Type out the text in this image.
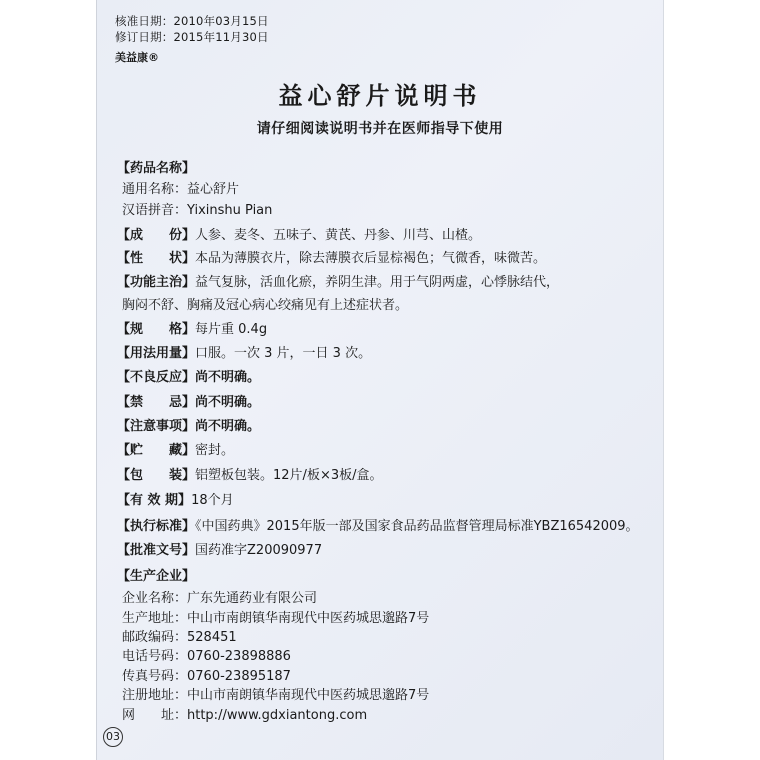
核准日期：2010年03月15日
修订日期：2015年11月30日
美益康®
益心舒片说明书
请仔细阅读说明书并在医师指导下使用
【药品名称】
通用名称：益心舒片
汉语拼音：Yixinshu Pian
【成　　份】人参、麦冬、五味子、黄芪、丹参、川芎、山楂。
【性　　状】本品为薄膜衣片，除去薄膜衣后显棕褐色；气微香，味微苦。
【功能主治】益气复脉，活血化瘀，养阴生津。用于气阴两虚，心悸脉结代，
胸闷不舒、胸痛及冠心病心绞痛见有上述症状者。
【规　　格】每片重 0.4g
【用法用量】口服。一次 3 片，一日 3 次。
【不良反应】尚不明确。
【禁　　忌】尚不明确。
【注意事项】尚不明确。
【贮　　藏】密封。
【包　　装】铝塑板包装。12片/板×3板/盒。
【有 效 期】18个月
【执行标准】《中国药典》2015年版一部及国家食品药品监督管理局标准YBZ16542009。
【批准文号】国药准字Z20090977
【生产企业】
企业名称：广东先通药业有限公司
生产地址：中山市南朗镇华南现代中医药城思邈路7号
邮政编码：528451
电话号码：0760-23898886
传真号码：0760-23895187
注册地址：中山市南朗镇华南现代中医药城思邈路7号
网　　址：http://www.gdxiantong.com
03
